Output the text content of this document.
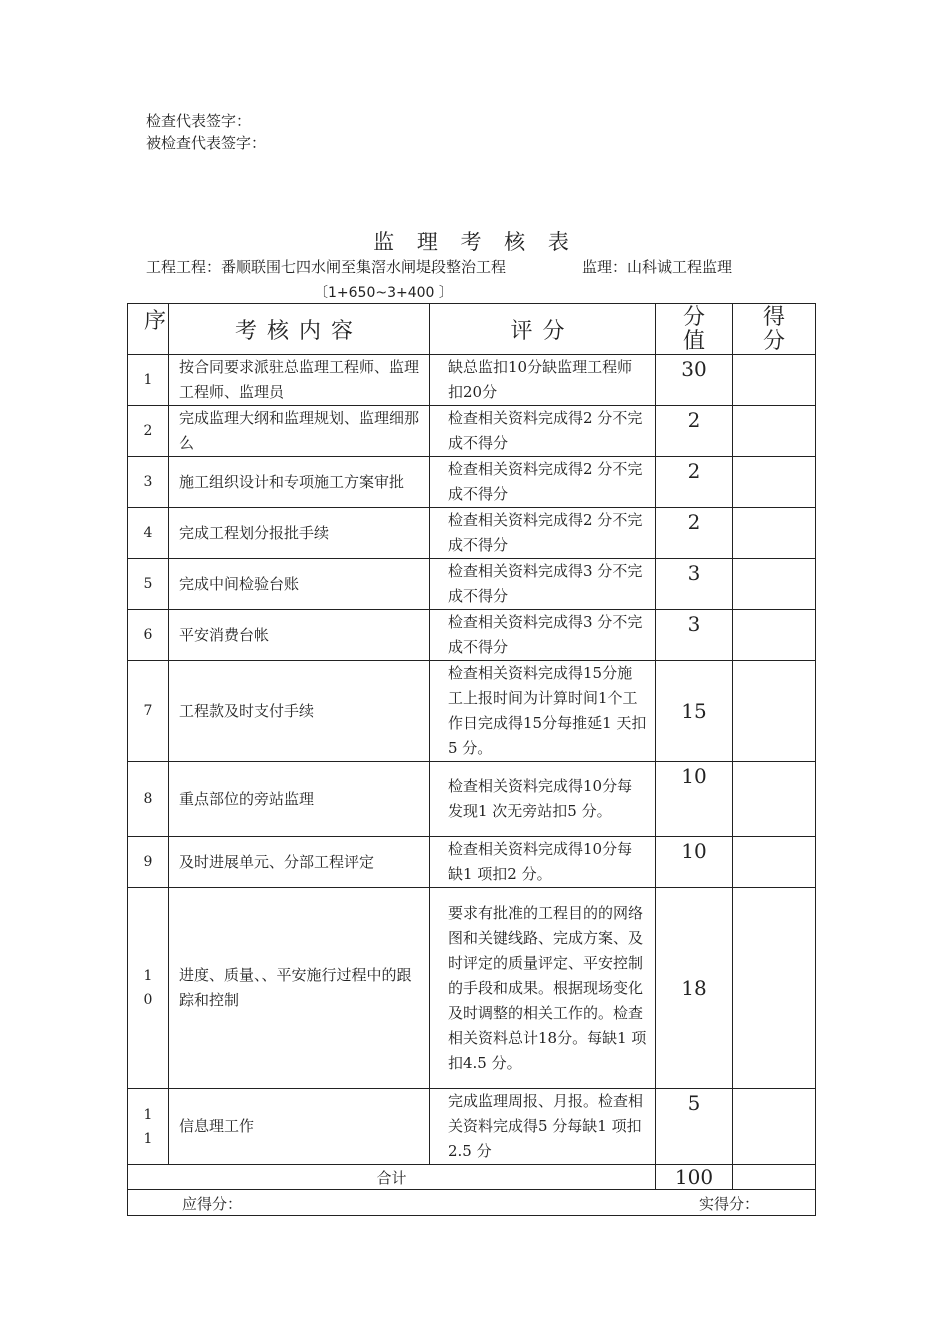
检查代表签字：
被检查代表签字：
监 理 考 核 表
工程工程：番顺联围七四水闸至集滘水闸堤段整治工程	监理：山科诚工程监理
〔1+650~3+400 〕
序	考核内容	评分	分值	得分

1	按合同要求派驻总监理工程师、监理工程师、监理员	缺总监扣10分缺监理工程师扣20分	30	
2	完成监理大纲和监理规划、监理细那么	检查相关资料完成得2 分不完成不得分	2	
3	施工组织设计和专项施工方案审批	检查相关资料完成得2 分不完成不得分	2	
4	完成工程划分报批手续	检查相关资料完成得2 分不完成不得分	2	
5	完成中间检验台账	检查相关资料完成得3 分不完成不得分	3	
6	平安消费台帐	检查相关资料完成得3 分不完成不得分	3	
7	工程款及时支付手续	检查相关资料完成得15分施工上报时间为计算时间1个工作日完成得15分每推延1 天扣5 分。	15	
8	重点部位的旁站监理	检查相关资料完成得10分每发现1 次无旁站扣5 分。	10	
9	及时进展单元、分部工程评定	检查相关资料完成得10分每缺1 项扣2 分。	10	

10	进度、质量、、平安施行过程中的跟踪和控制	要求有批准的工程目的的网络图和关键线路、完成方案、及时评定的质量评定、平安控制的手段和成果。根据现场变化及时调整的相关工作的。检查相关资料总计18分。每缺1 项扣4.5 分。	18	

11	信息理工作	完成监理周报、月报。检查相关资料完成得5 分每缺1 项扣2.5 分	5	
合计			100	

应得分： 实得分：				
